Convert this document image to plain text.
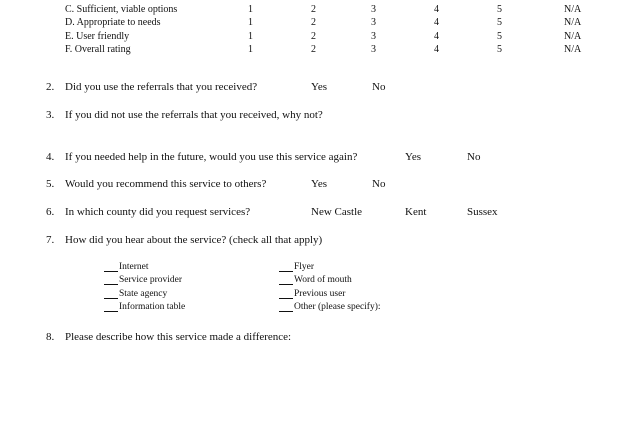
C. Sufficient, viable options	1	2	3	4	5	N/A
D. Appropriate to needs	1	2	3	4	5	N/A
E. User friendly	1	2	3	4	5	N/A
F. Overall rating	1	2	3	4	5	N/A
2. Did you use the referrals that you received?	Yes	No
3. If you did not use the referrals that you received, why not?
4. If you needed help in the future, would you use this service again?	Yes	No
5. Would you recommend this service to others?	Yes	No
6. In which county did you request services?	New Castle	Kent	Sussex
7. How did you hear about the service? (check all that apply)
Internet
Service provider
State agency
Information table
Flyer
Word of mouth
Previous user
Other (please specify):
8. Please describe how this service made a difference:
